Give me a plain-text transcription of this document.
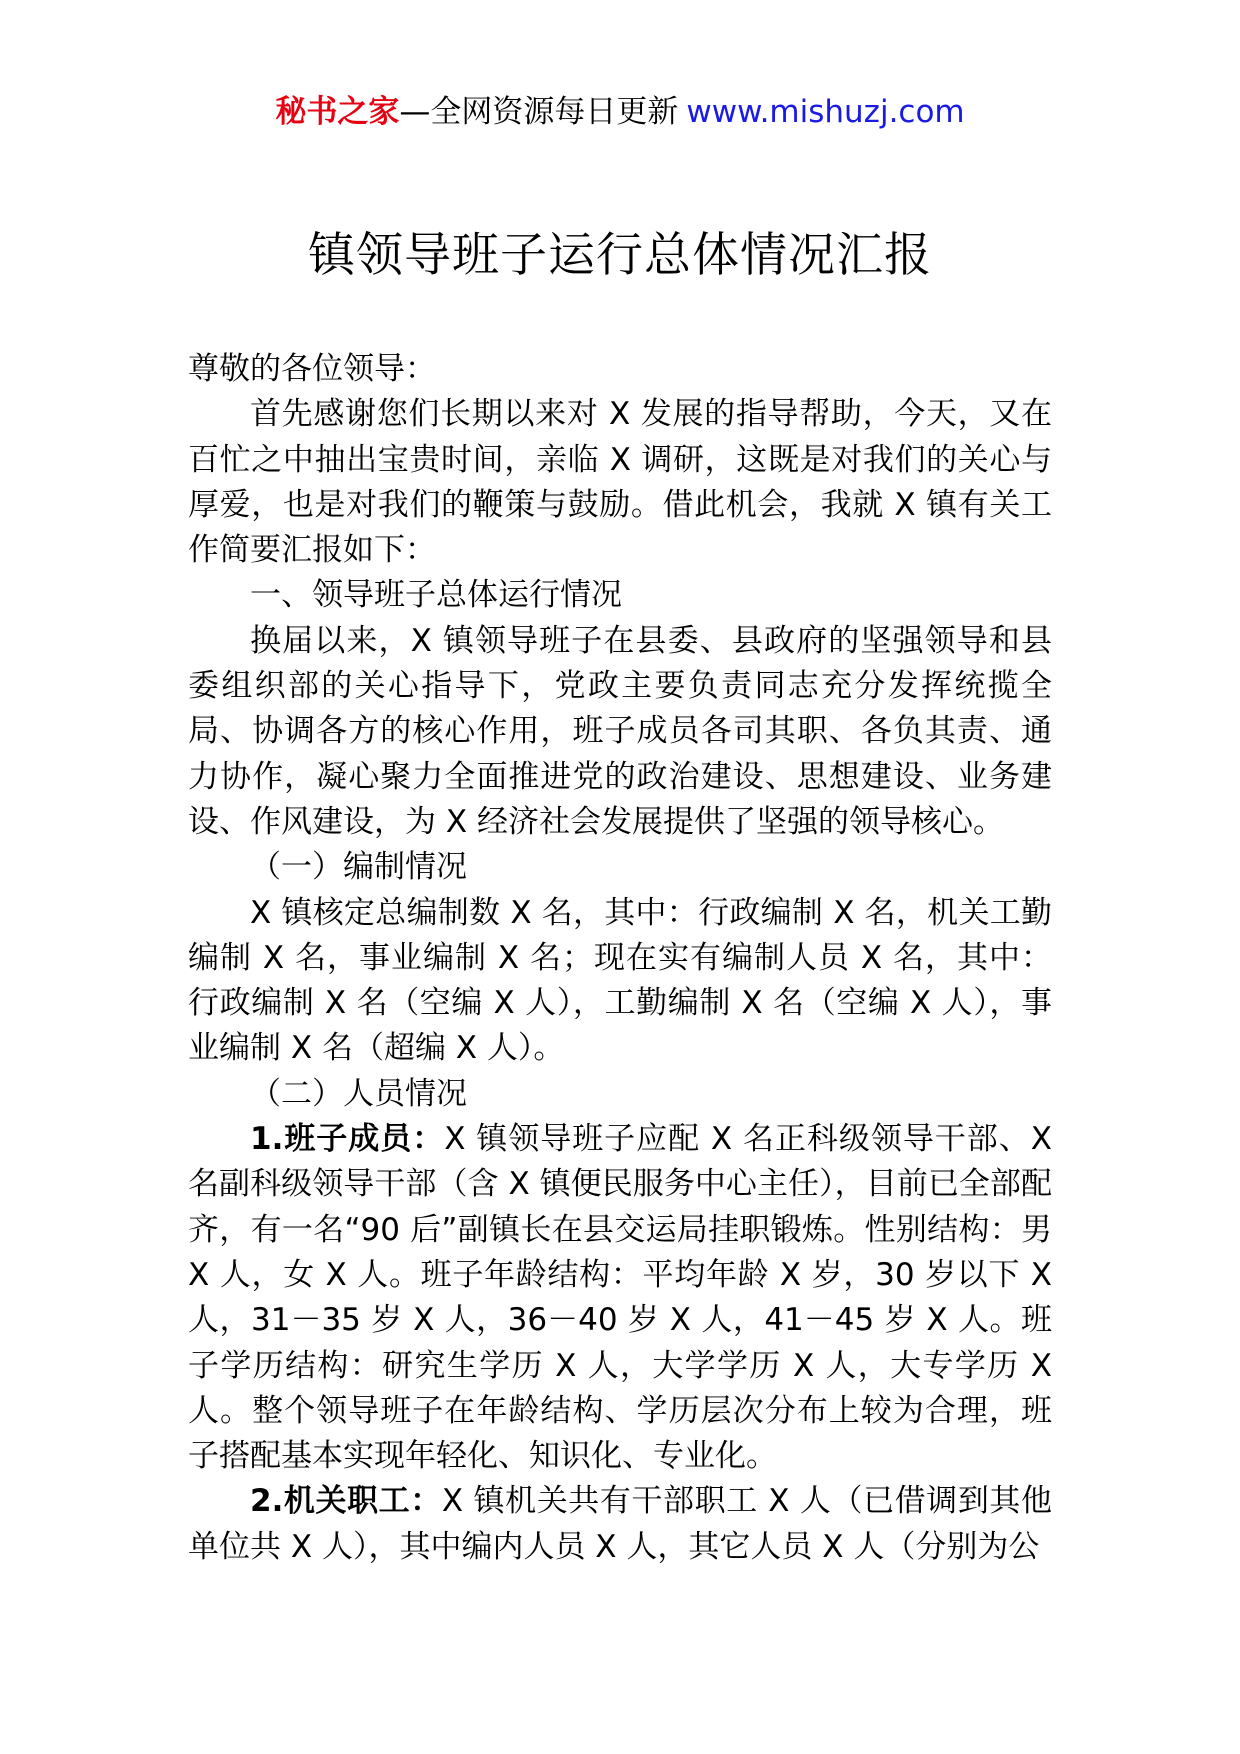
秘书之家—全网资源每日更新 www.mishuzj.com
镇领导班子运行总体情况汇报

尊敬的各位领导：

首先感谢您们长期以来对 X 发展的指导帮助，今天，又在百忙之中抽出宝贵时间，亲临 X 调研，这既是对我们的关心与厚爱，也是对我们的鞭策与鼓励。借此机会，我就 X 镇有关工作简要汇报如下：

一、领导班子总体运行情况

换届以来，X 镇领导班子在县委、县政府的坚强领导和县委组织部的关心指导下，党政主要负责同志充分发挥统揽全局、协调各方的核心作用，班子成员各司其职、各负其责、通力协作，凝心聚力全面推进党的政治建设、思想建设、业务建设、作风建设，为 X 经济社会发展提供了坚强的领导核心。

（一）编制情况

X 镇核定总编制数 X 名，其中：行政编制 X 名，机关工勤编制 X 名，事业编制 X 名；现在实有编制人员 X 名，其中：行政编制 X 名（空编 X 人），工勤编制 X 名（空编 X 人），事业编制 X 名（超编 X 人）。

（二）人员情况

1.班子成员：X 镇领导班子应配 X 名正科级领导干部、X 名副科级领导干部（含 X 镇便民服务中心主任），目前已全部配齐，有一名“90 后”副镇长在县交运局挂职锻炼。性别结构：男 X 人，女 X 人。班子年龄结构：平均年龄 X 岁，30 岁以下 X 人，31－35 岁 X 人，36－40 岁 X 人，41－45 岁 X 人。班子学历结构：研究生学历 X 人，大学学历 X 人，大专学历 X 人。整个领导班子在年龄结构、学历层次分布上较为合理，班子搭配基本实现年轻化、知识化、专业化。

2.机关职工：X 镇机关共有干部职工 X 人（已借调到其他单位共 X 人），其中编内人员 X 人，其它人员 X 人（分别为公
